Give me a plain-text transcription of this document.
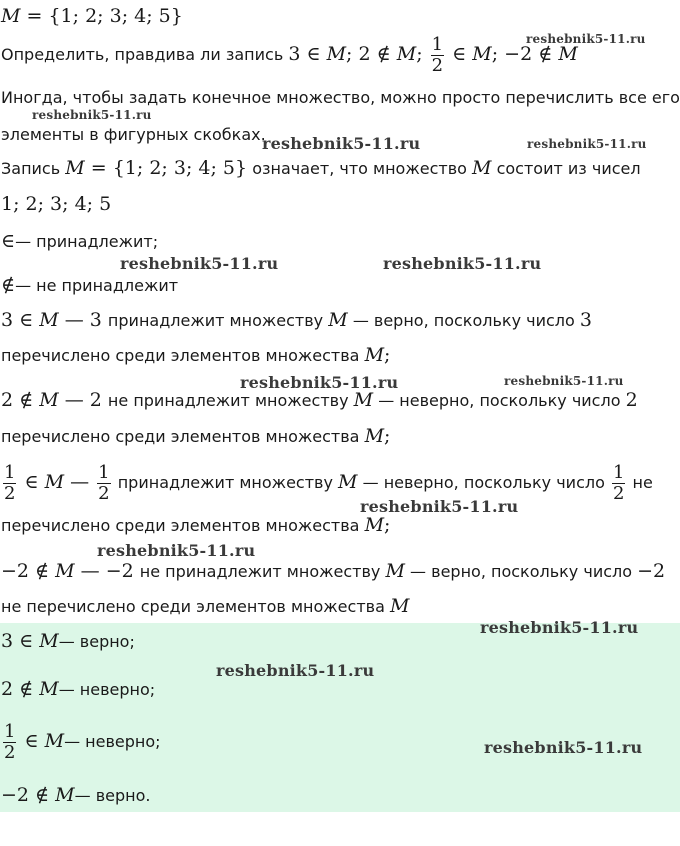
M = {1; 2; 3; 4; 5}
Определить, правдива ли запись 3 ∈ M; 2 ∉ M; $\frac{1}{2}$ ∈ M; −2 ∉ M
Иногда, чтобы задать конечное множество, можно просто перечислить все его
элементы в фигурных скобках.
Запись M = {1; 2; 3; 4; 5} означает, что множество M состоит из чисел
1; 2; 3; 4; 5
∈— принадлежит;
∉— не принадлежит
3 ∈ M — 3 принадлежит множеству M — верно, поскольку число 3
перечислено среди элементов множества M;
2 ∉ M — 2 не принадлежит множеству M — неверно, поскольку число 2
перечислено среди элементов множества M;
$\frac{1}{2}$ ∈ M — $\frac{1}{2}$ принадлежит множеству M — неверно, поскольку число $\frac{1}{2}$ не
перечислено среди элементов множества M;
−2 ∉ M — −2 не принадлежит множеству M — верно, поскольку число −2
не перечислено среди элементов множества M
3 ∈ M— верно;
2 ∉ M— неверно;
$\frac{1}{2}$ ∈ M— неверно;
−2 ∉ M— верно.
reshebnik5-11.ru
reshebnik5-11.ru
reshebnik5-11.ru	reshebnik5-11.ru
reshebnik5-11.ru	reshebnik5-11.ru
reshebnik5-11.ru	reshebnik5-11.ru
reshebnik5-11.ru
reshebnik5-11.ru
reshebnik5-11.ru
reshebnik5-11.ru
reshebnik5-11.ru
